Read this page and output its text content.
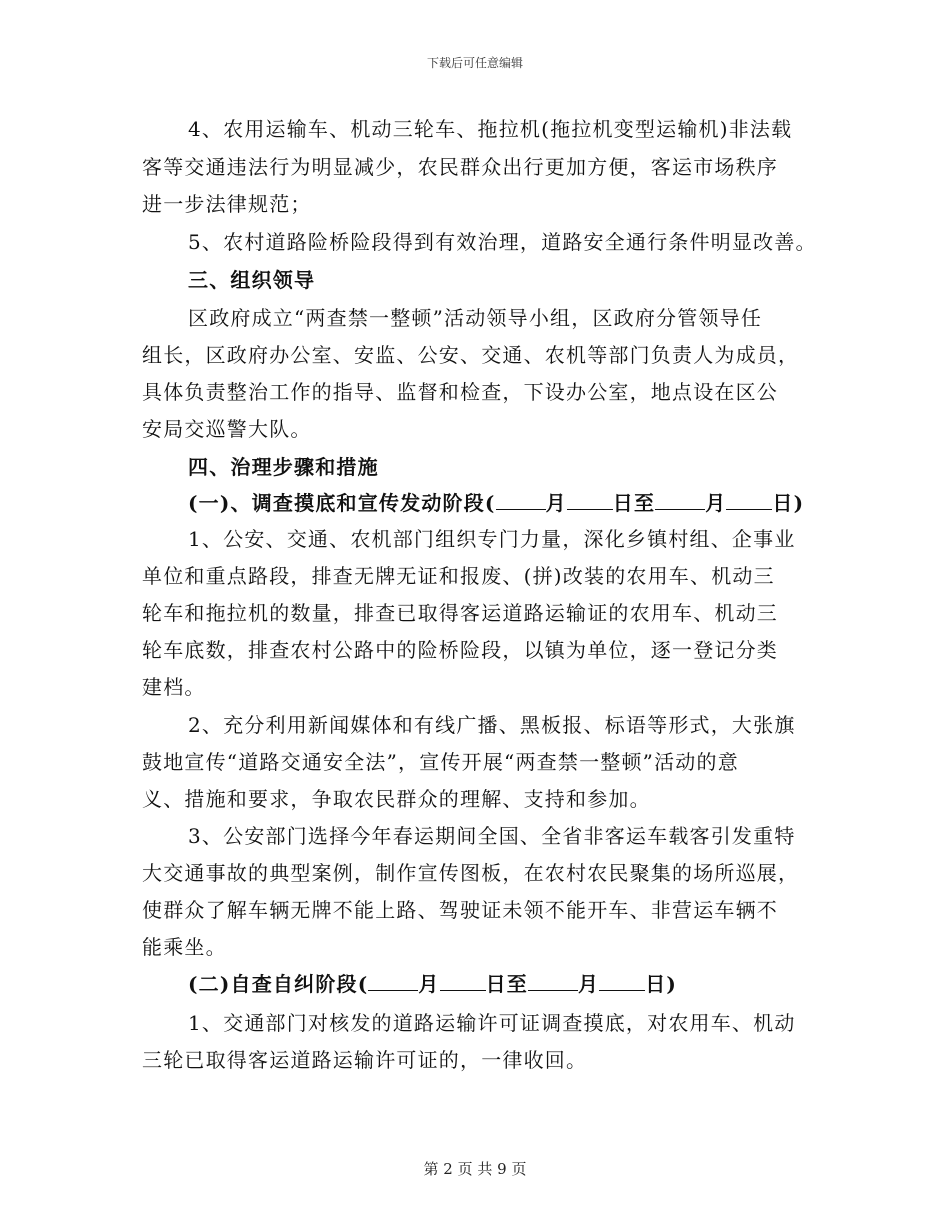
下载后可任意编辑
4、农用运输车、机动三轮车、拖拉机(拖拉机变型运输机)非法载
客等交通违法行为明显减少，农民群众出行更加方便，客运市场秩序
进一步法律规范；
5、农村道路险桥险段得到有效治理，道路安全通行条件明显改善。
三、组织领导
区政府成立“两查禁一整顿”活动领导小组，区政府分管领导任
组长，区政府办公室、安监、公安、交通、农机等部门负责人为成员，
具体负责整治工作的指导、监督和检查，下设办公室，地点设在区公
安局交巡警大队。
四、治理步骤和措施
(一)、调查摸底和宣传发动阶段(	月 日至	月 日)
1、公安、交通、农机部门组织专门力量，深化乡镇村组、企事业
单位和重点路段，排查无牌无证和报废、(拼)改装的农用车、机动三
轮车和拖拉机的数量，排查已取得客运道路运输证的农用车、机动三
轮车底数，排查农村公路中的险桥险段，以镇为单位，逐一登记分类
建档。
2、充分利用新闻媒体和有线广播、黑板报、标语等形式，大张旗
鼓地宣传“道路交通安全法”，宣传开展“两查禁一整顿”活动的意
义、措施和要求，争取农民群众的理解、支持和参加。
3、公安部门选择今年春运期间全国、全省非客运车载客引发重特
大交通事故的典型案例，制作宣传图板，在农村农民聚集的场所巡展，
使群众了解车辆无牌不能上路、驾驶证未领不能开车、非营运车辆不
能乘坐。
(二)自查自纠阶段(	月 日至	月 日)
1、交通部门对核发的道路运输许可证调查摸底，对农用车、机动
三轮已取得客运道路运输许可证的，一律收回。
第 2 页 共 9 页
